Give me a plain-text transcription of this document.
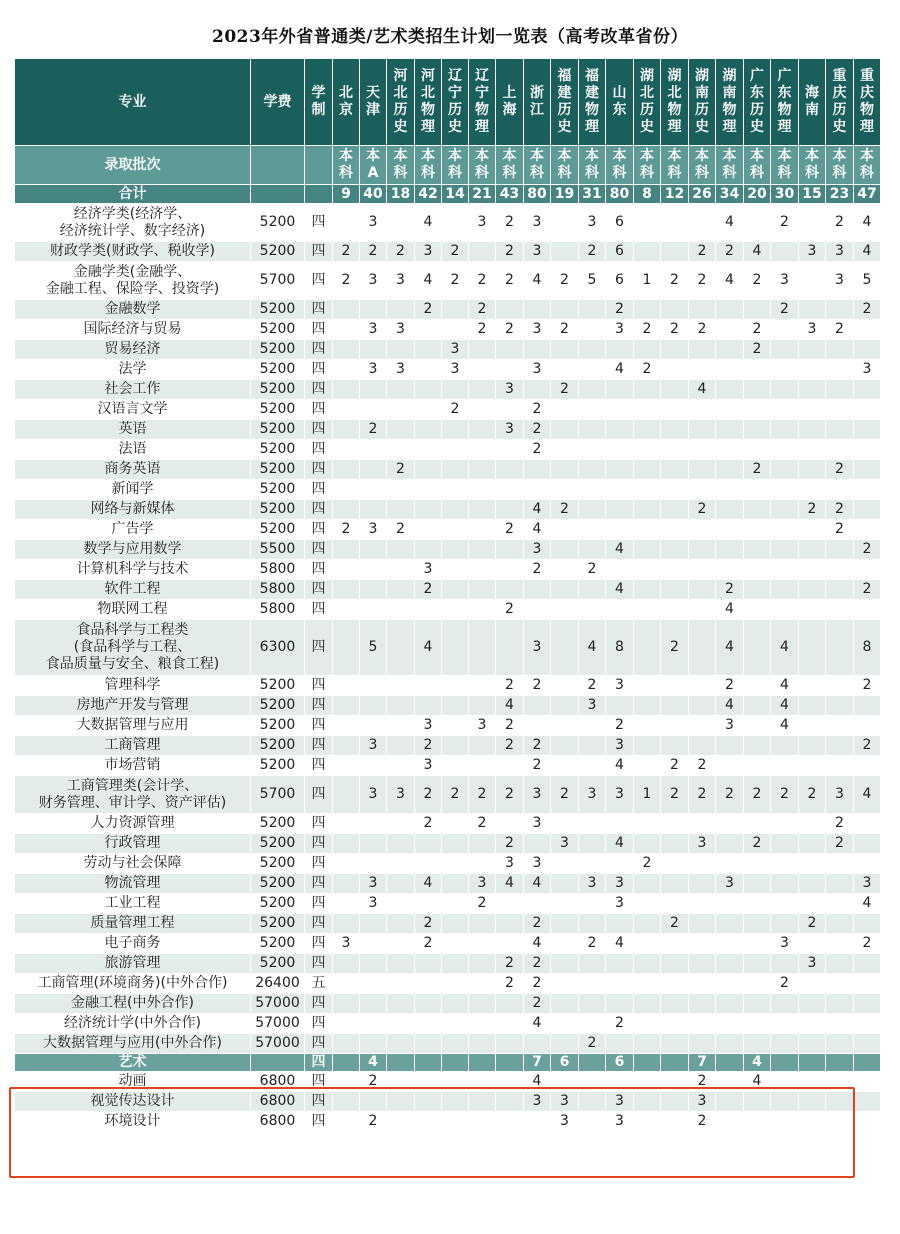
2023年外省普通类/艺术类招生计划一览表（高考改革省份）
专业	学费	学制	北京	天津	河北历史	河北物理	辽宁历史	辽宁物理	上海	浙江	福建历史	福建物理	山东	湖北历史	湖北物理	湖南历史	湖南物理	广东历史	广东物理	海南	重庆历史	重庆物理
录取批次			本科	本A	本科	本科	本科	本科	本科	本科	本科	本科	本科	本科	本科	本科	本科	本科	本科	本科	本科	本科
合计			9	40	18	42	14	21	43	80	19	31	80	8	12	26	34	20	30	15	23	47
经济学类(经济学、
经济统计学、数字经济)	5200	四		3		4		3	2	3		3	6				4		2		2	4
财政学类(财政学、税收学)	5200	四	2	2	2	3	2		2	3		2	6			2	2	4		3	3	4
金融学类(金融学、
金融工程、保险学、投资学)	5700	四	2	3	3	4	2	2	2	4	2	5	6	1	2	2	4	2	3		3	5
金融数学	5200	四				2		2					2						2			2
国际经济与贸易	5200	四		3	3			2	2	3	2		3	2	2	2		2		3	2	
贸易经济	5200	四					3											2				
法学	5200	四		3	3		3			3			4	2								3
社会工作	5200	四							3		2					4						
汉语言文学	5200	四					2			2												
英语	5200	四		2					3	2												
法语	5200	四								2												
商务英语	5200	四			2													2			2	
新闻学	5200	四																				
网络与新媒体	5200	四								4	2					2				2	2	
广告学	5200	四	2	3	2				2	4											2	
数学与应用数学	5500	四								3			4									2
计算机科学与技术	5800	四				3				2		2										
软件工程	5800	四				2							4				2					2
物联网工程	5800	四							2								4					
食品科学与工程类
(食品科学与工程、
食品质量与安全、粮食工程)	6300	四		5		4				3		4	8		2		4		4			8
管理科学	5200	四							2	2		2	3				2		4			2
房地产开发与管理	5200	四							4			3					4		4			
大数据管理与应用	5200	四				3		3	2				2				3		4			
工商管理	5200	四		3		2			2	2			3									2
市场营销	5200	四				3				2			4		2	2						
工商管理类(会计学、
财务管理、审计学、资产评估)	5700	四		3	3	2	2	2	2	3	2	3	3	1	2	2	2	2	2	2	3	4
人力资源管理	5200	四				2		2		3											2	
行政管理	5200	四							2		3		4			3		2			2	
劳动与社会保障	5200	四							3	3				2								
物流管理	5200	四		3		4		3	4	4		3	3				3					3
工业工程	5200	四		3				2					3									4
质量管理工程	5200	四				2				2					2					2		
电子商务	5200	四	3			2				4		2	4						3			2
旅游管理	5200	四							2	2										3		
工商管理(环境商务)(中外合作)	26400	五							2	2									2			
金融工程(中外合作)	57000	四								2												
经济统计学(中外合作)	57000	四								4			2									
大数据管理与应用(中外合作)	57000	四										2										
艺术		四		4						7	6		6			7		4				
动画	6800	四		2						4						2		4				
视觉传达设计	6800	四								3	3		3			3						
环境设计	6800	四		2							3		3			2						
